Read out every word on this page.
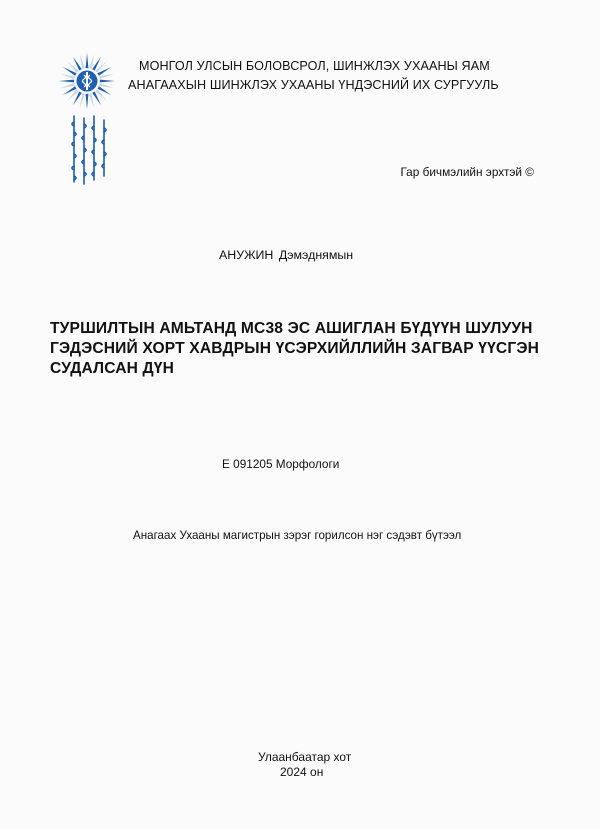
МОНГОЛ УЛСЫН БОЛОВСРОЛ, ШИНЖЛЭХ УХААНЫ ЯАМ
АНАГААХЫН ШИНЖЛЭХ УХААНЫ ҮНДЭСНИЙ ИХ СУРГУУЛЬ
Гар бичмэлийн эрхтэй ©
АНУЖИН Дэмэднямын
ТУРШИЛТЫН АМЬТАНД MC38 ЭС АШИГЛАН БҮДҮҮН ШУЛУУН
ГЭДЭСНИЙ ХОРТ ХАВДРЫН ҮСЭРХИЙЛЛИЙН ЗАГВАР ҮҮСГЭН
СУДАЛСАН ДҮН
E 091205 Морфологи
Анагаах Ухааны магистрын зэрэг горилсон нэг сэдэвт бүтээл
Улаанбаатар хот
2024 он
